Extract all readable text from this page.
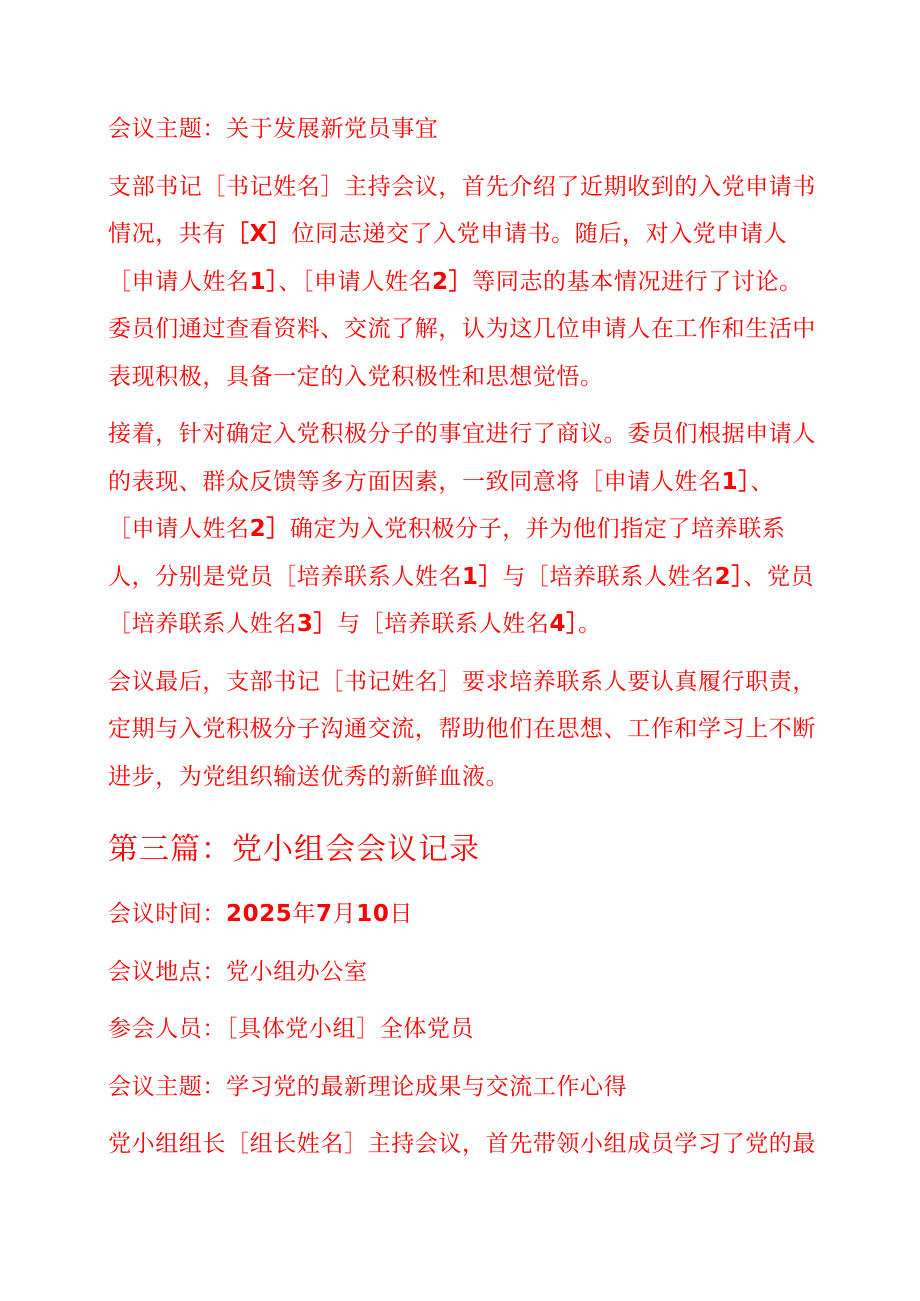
会议主题：关于发展新党员事宜
支部书记［书记姓名］主持会议，首先介绍了近期收到的入党申请书
情况，共有［X］位同志递交了入党申请书。随后，对入党申请人
［申请人姓名1］、［申请人姓名2］等同志的基本情况进行了讨论。
委员们通过查看资料、交流了解，认为这几位申请人在工作和生活中
表现积极，具备一定的入党积极性和思想觉悟。
接着，针对确定入党积极分子的事宜进行了商议。委员们根据申请人
的表现、群众反馈等多方面因素，一致同意将［申请人姓名1］、
［申请人姓名2］确定为入党积极分子，并为他们指定了培养联系
人，分别是党员［培养联系人姓名1］与［培养联系人姓名2］、党员
［培养联系人姓名3］与［培养联系人姓名4］。
会议最后，支部书记［书记姓名］要求培养联系人要认真履行职责，
定期与入党积极分子沟通交流，帮助他们在思想、工作和学习上不断
进步，为党组织输送优秀的新鲜血液。
第三篇：党小组会会议记录
会议时间：2025年7月10日
会议地点：党小组办公室
参会人员：［具体党小组］全体党员
会议主题：学习党的最新理论成果与交流工作心得
党小组组长［组长姓名］主持会议，首先带领小组成员学习了党的最
